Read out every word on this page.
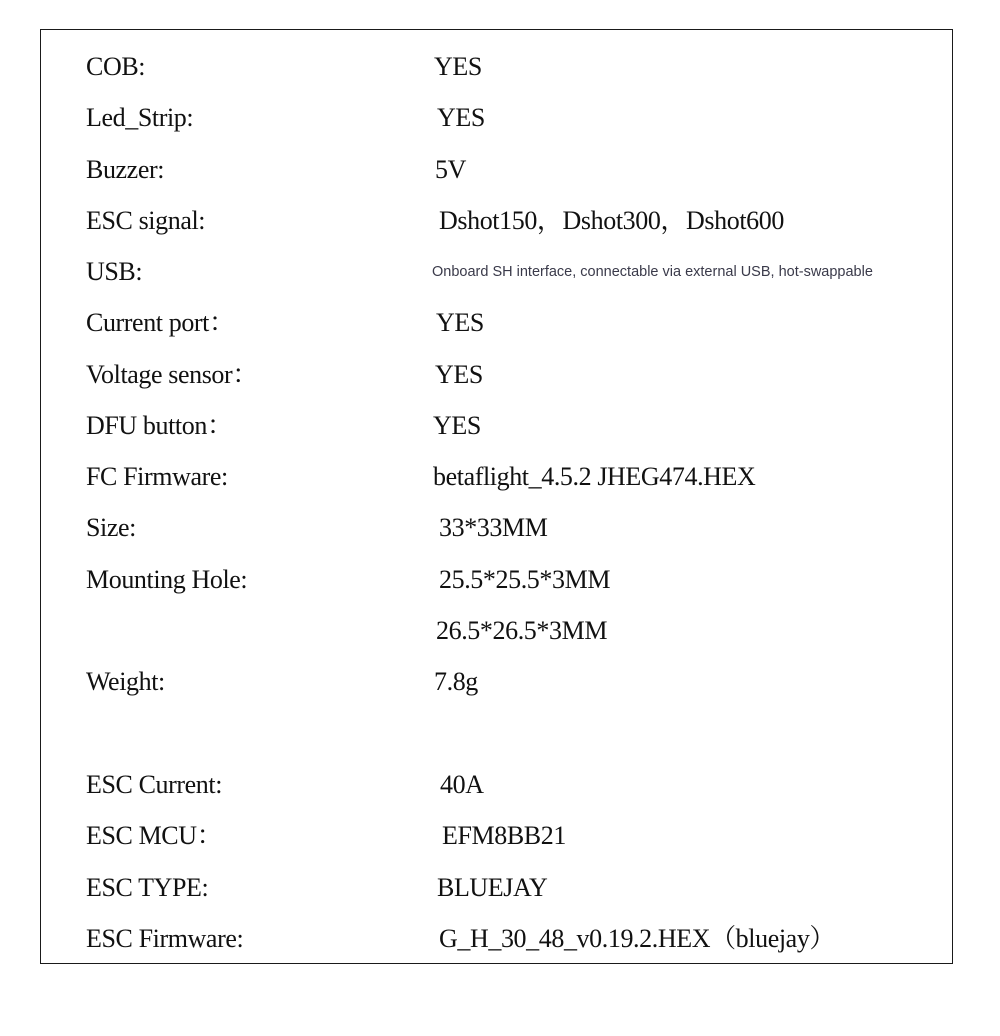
COB:	YES
Led_Strip:	YES
Buzzer:	5V
ESC signal:	Dshot150，Dshot300，Dshot600
USB:	Onboard SH interface, connectable via external USB, hot-swappable
Current port：	YES
Voltage sensor：	YES
DFU button：	YES
FC Firmware:	betaflight_4.5.2 JHEG474.HEX
Size:	33*33MM
Mounting Hole:	25.5*25.5*3MM
26.5*26.5*3MM
Weight:	7.8g
ESC Current:	40A
ESC MCU：	EFM8BB21
ESC TYPE:	BLUEJAY
ESC Firmware:	G_H_30_48_v0.19.2.HEX（bluejay）
